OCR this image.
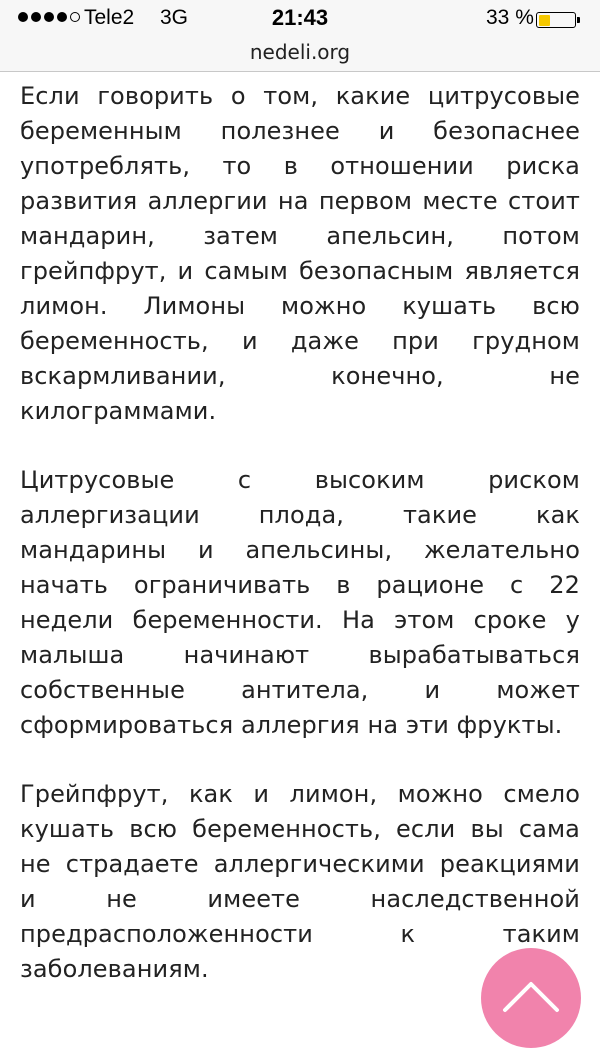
Tele2 3G	21:43	33 %
nedeli.org

Если говорить о том, какие цитрусовые беременным полезнее и безопаснее употреблять, то в отношении риска развития аллергии на первом месте стоит мандарин, затем апельсин, потом грейпфрут, и самым безопасным является лимон. Лимоны можно кушать всю беременность, и даже при грудном вскармливании, конечно, не килограммами.

Цитрусовые с высоким риском аллергизации плода, такие как мандарины и апельсины, желательно начать ограничивать в рационе с 22 недели беременности. На этом сроке у малыша начинают вырабатываться собственные антитела, и может сформироваться аллергия на эти фрукты.

Грейпфрут, как и лимон, можно смело кушать всю беременность, если вы сама не страдаете аллергическими реакциями и не имеете наследственной предрасположенности к таким заболеваниям.
